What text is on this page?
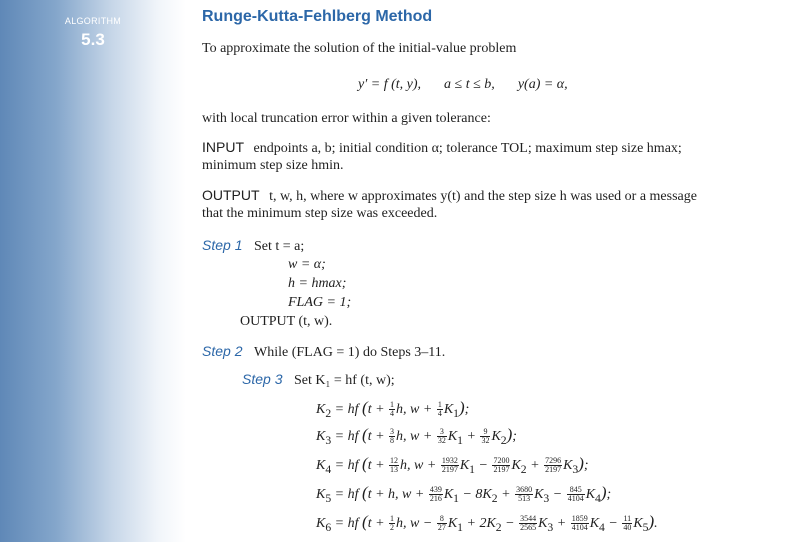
ALGORITHM
5.3
Runge-Kutta-Fehlberg Method
To approximate the solution of the initial-value problem
y′ = f (t, y), a ≤ t ≤ b, y(a) = α,
with local truncation error within a given tolerance:
INPUT endpoints a, b; initial condition α; tolerance TOL; maximum step size hmax;
minimum step size hmin.
OUTPUT t, w, h, where w approximates y(t) and the step size h was used or a message
that the minimum step size was exceeded.
Step 1 Set t = a;
w = α;
h = hmax;
FLAG = 1;
OUTPUT (t, w).
Step 2 While (FLAG = 1) do Steps 3–11.
Step 3 Set K₁ = hf (t, w);
$K_2$ = hf ($t + \frac{1}{4} h$, $w + \frac{1}{4} K_1$);
$K_3$ = hf ($t + \frac{3}{8} h$, $w + \frac{3}{32} K_1 + \frac{9}{32} K_2$);
$K_4$ = hf ($t + \frac{12}{13} h$, $w + \frac{1932}{2197} K_1 - \frac{7200}{2197} K_2 + \frac{7296}{2197} K_3$);
$K_5$ = hf (t + h, $w + \frac{439}{216} K_1 - 8K_2 + \frac{3680}{513} K_3 - \frac{845}{4104} K_4$);
$K_6$ = hf ($t + \frac{1}{2} h$, $w - \frac{8}{27} K_1 + 2K_2 - \frac{3544}{2565} K_3 + \frac{1859}{4104} K_4 - \frac{11}{40} K_5$).
